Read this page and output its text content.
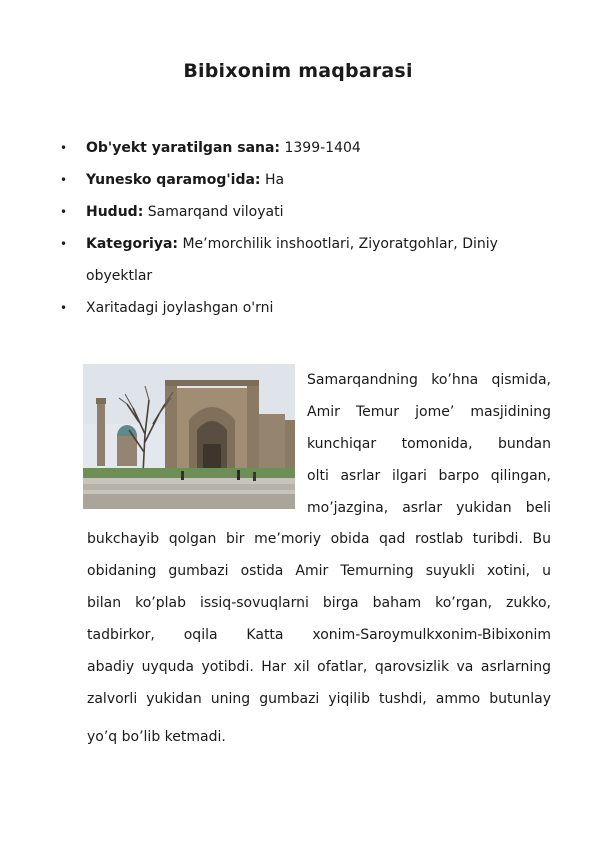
Bibixonim maqbarasi
• Ob'yekt yaratilgan sana: 1399-1404
• Yunesko qaramog'ida: Ha
• Hudud: Samarqand viloyati
• Kategoriya: Me’morchilik inshootlari, Ziyoratgohlar, Diniy
obyektlar
• Xaritadagi joylashgan o'rni
Samarqandning ko’hna qismida,
Amir Temur jome’ masjidining
kunchiqar tomonida, bundan
olti asrlar ilgari barpo qilingan,
mo’jazgina, asrlar yukidan beli
bukchayib qolgan bir me’moriy obida qad rostlab turibdi. Bu
obidaning gumbazi ostida Amir Temurning suyukli xotini, u
bilan ko’plab issiq-sovuqlarni birga baham ko’rgan, zukko,
tadbirkor, oqila Katta xonim-Saroymulkxonim-Bibixonim
abadiy uyquda yotibdi. Har xil ofatlar, qarovsizlik va asrlarning
zalvorli yukidan uning gumbazi yiqilib tushdi, ammo butunlay
yo’q bo’lib ketmadi.
